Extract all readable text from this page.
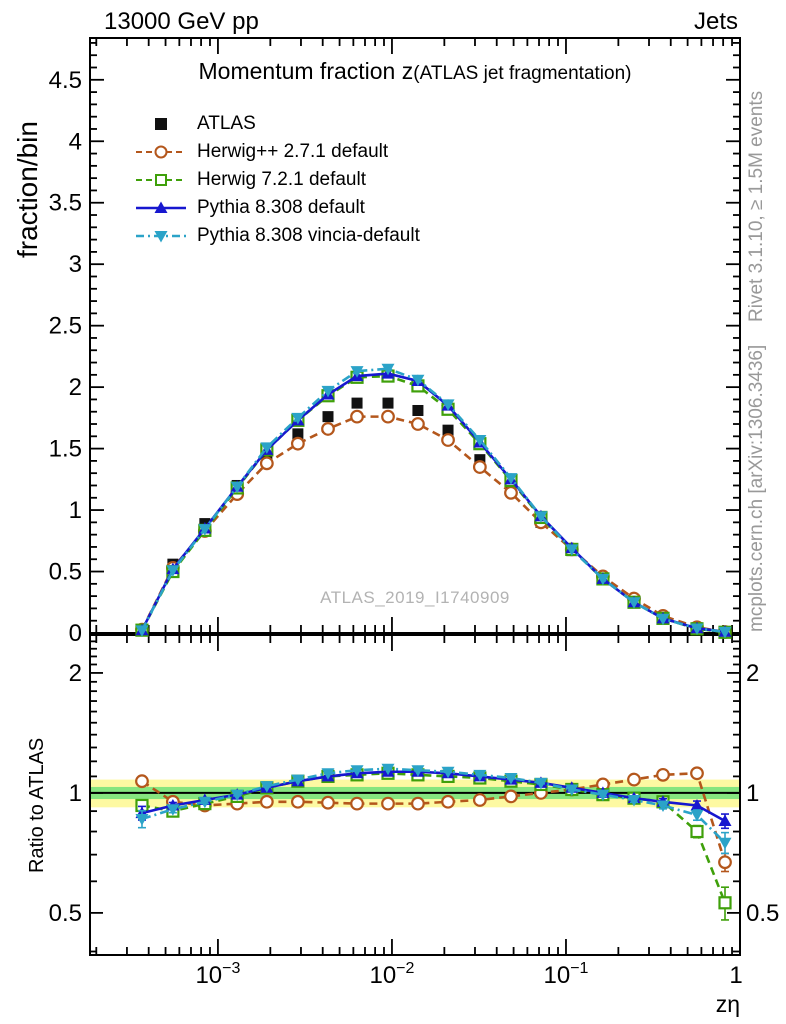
0
0.5
1
1.5
2
2.5
3
3.5
4
4.5
2	2
1	1
0.5	0.5
$10^{-3}$	$10^{-2}$	$10^{-1}$	1
13000 GeV pp	Jets
Momentum fraction z(ATLAS jet fragmentation)
ATLAS
Herwig++ 2.7.1 default
Herwig 7.2.1 default
Pythia 8.308 default
Pythia 8.308 vincia-default
fraction/bin
Ratio to ATLAS
Rivet 3.1.10, ≥ 1.5M events
mcplots.cern.ch [arXiv:1306.3436]
ATLAS_2019_I1740909
zη
